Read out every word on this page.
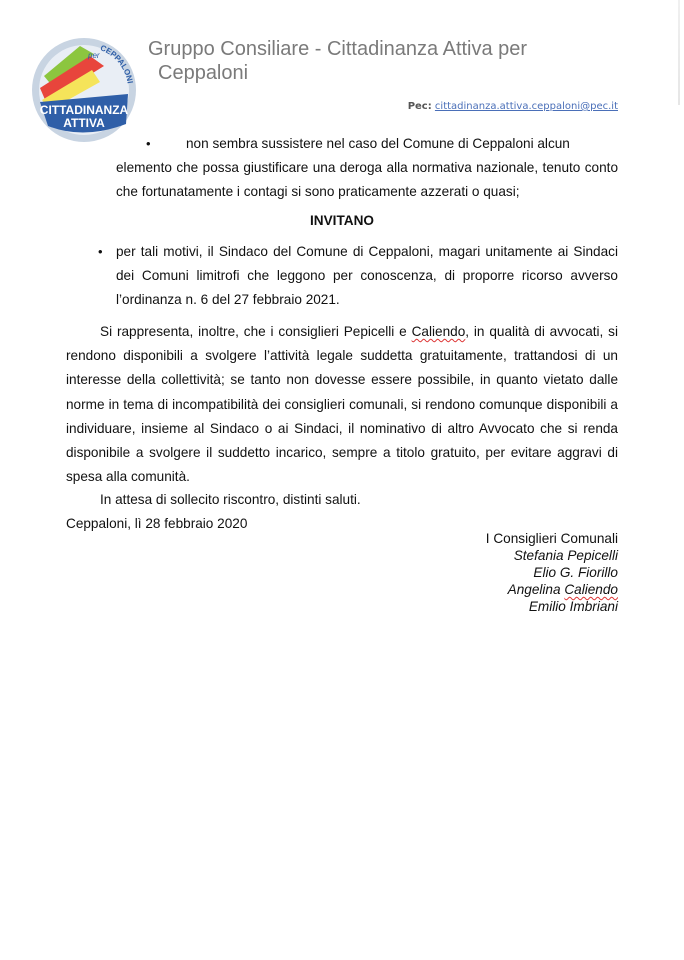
CITTADINANZA
ATTIVA
per
CEPPALONI
Gruppo Consiliare - Cittadinanza Attiva per
Ceppaloni
Pec: cittadinanza.attiva.ceppaloni@pec.it
•	non sembra sussistere nel caso del Comune di Ceppaloni alcun
elemento che possa giustificare una deroga alla normativa nazionale, tenuto conto che fortunatamente i contagi si sono praticamente azzerati o quasi;
INVITANO
• per tali motivi, il Sindaco del Comune di Ceppaloni, magari unitamente ai Sindaci dei Comuni limitrofi che leggono per conoscenza, di proporre ricorso avverso l’ordinanza n. 6 del 27 febbraio 2021.
Si rappresenta, inoltre, che i consiglieri Pepicelli e Caliendo, in qualità di avvocati, si rendono disponibili a svolgere l’attività legale suddetta gratuitamente, trattandosi di un interesse della collettività; se tanto non dovesse essere possibile, in quanto vietato dalle norme in tema di incompatibilità dei consiglieri comunali, si rendono comunque disponibili a individuare, insieme al Sindaco o ai Sindaci, il nominativo di altro Avvocato che si renda disponibile a svolgere il suddetto incarico, sempre a titolo gratuito, per evitare aggravi di spesa alla comunità.
In attesa di sollecito riscontro, distinti saluti.
Ceppaloni, lì 28 febbraio 2020
I Consiglieri Comunali
Stefania Pepicelli
Elio G. Fiorillo
Angelina Caliendo
Emilio Imbriani
